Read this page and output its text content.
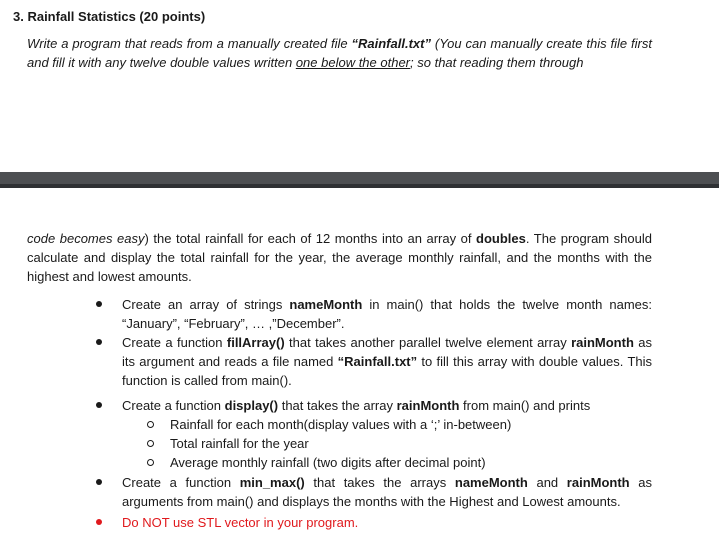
3. Rainfall Statistics (20 points)
Write a program that reads from a manually created file “Rainfall.txt” (You can manually create this file first and fill it with any twelve double values written one below the other; so that reading them through
code becomes easy) the total rainfall for each of 12 months into an array of doubles. The program should calculate and display the total rainfall for the year, the average monthly rainfall, and the months with the highest and lowest amounts.
Create an array of strings nameMonth in main() that holds the twelve month names: “January”, “February”, … ,”December”.
Create a function fillArray() that takes another parallel twelve element array rainMonth as its argument and reads a file named “Rainfall.txt” to fill this array with double values. This function is called from main().
Create a function display() that takes the array rainMonth from main() and prints
Rainfall for each month(display values with a ‘;’ in-between)
Total rainfall for the year
Average monthly rainfall (two digits after decimal point)
Create a function min_max() that takes the arrays nameMonth and rainMonth as arguments from main() and displays the months with the Highest and Lowest amounts.
Do NOT use STL vector in your program.
